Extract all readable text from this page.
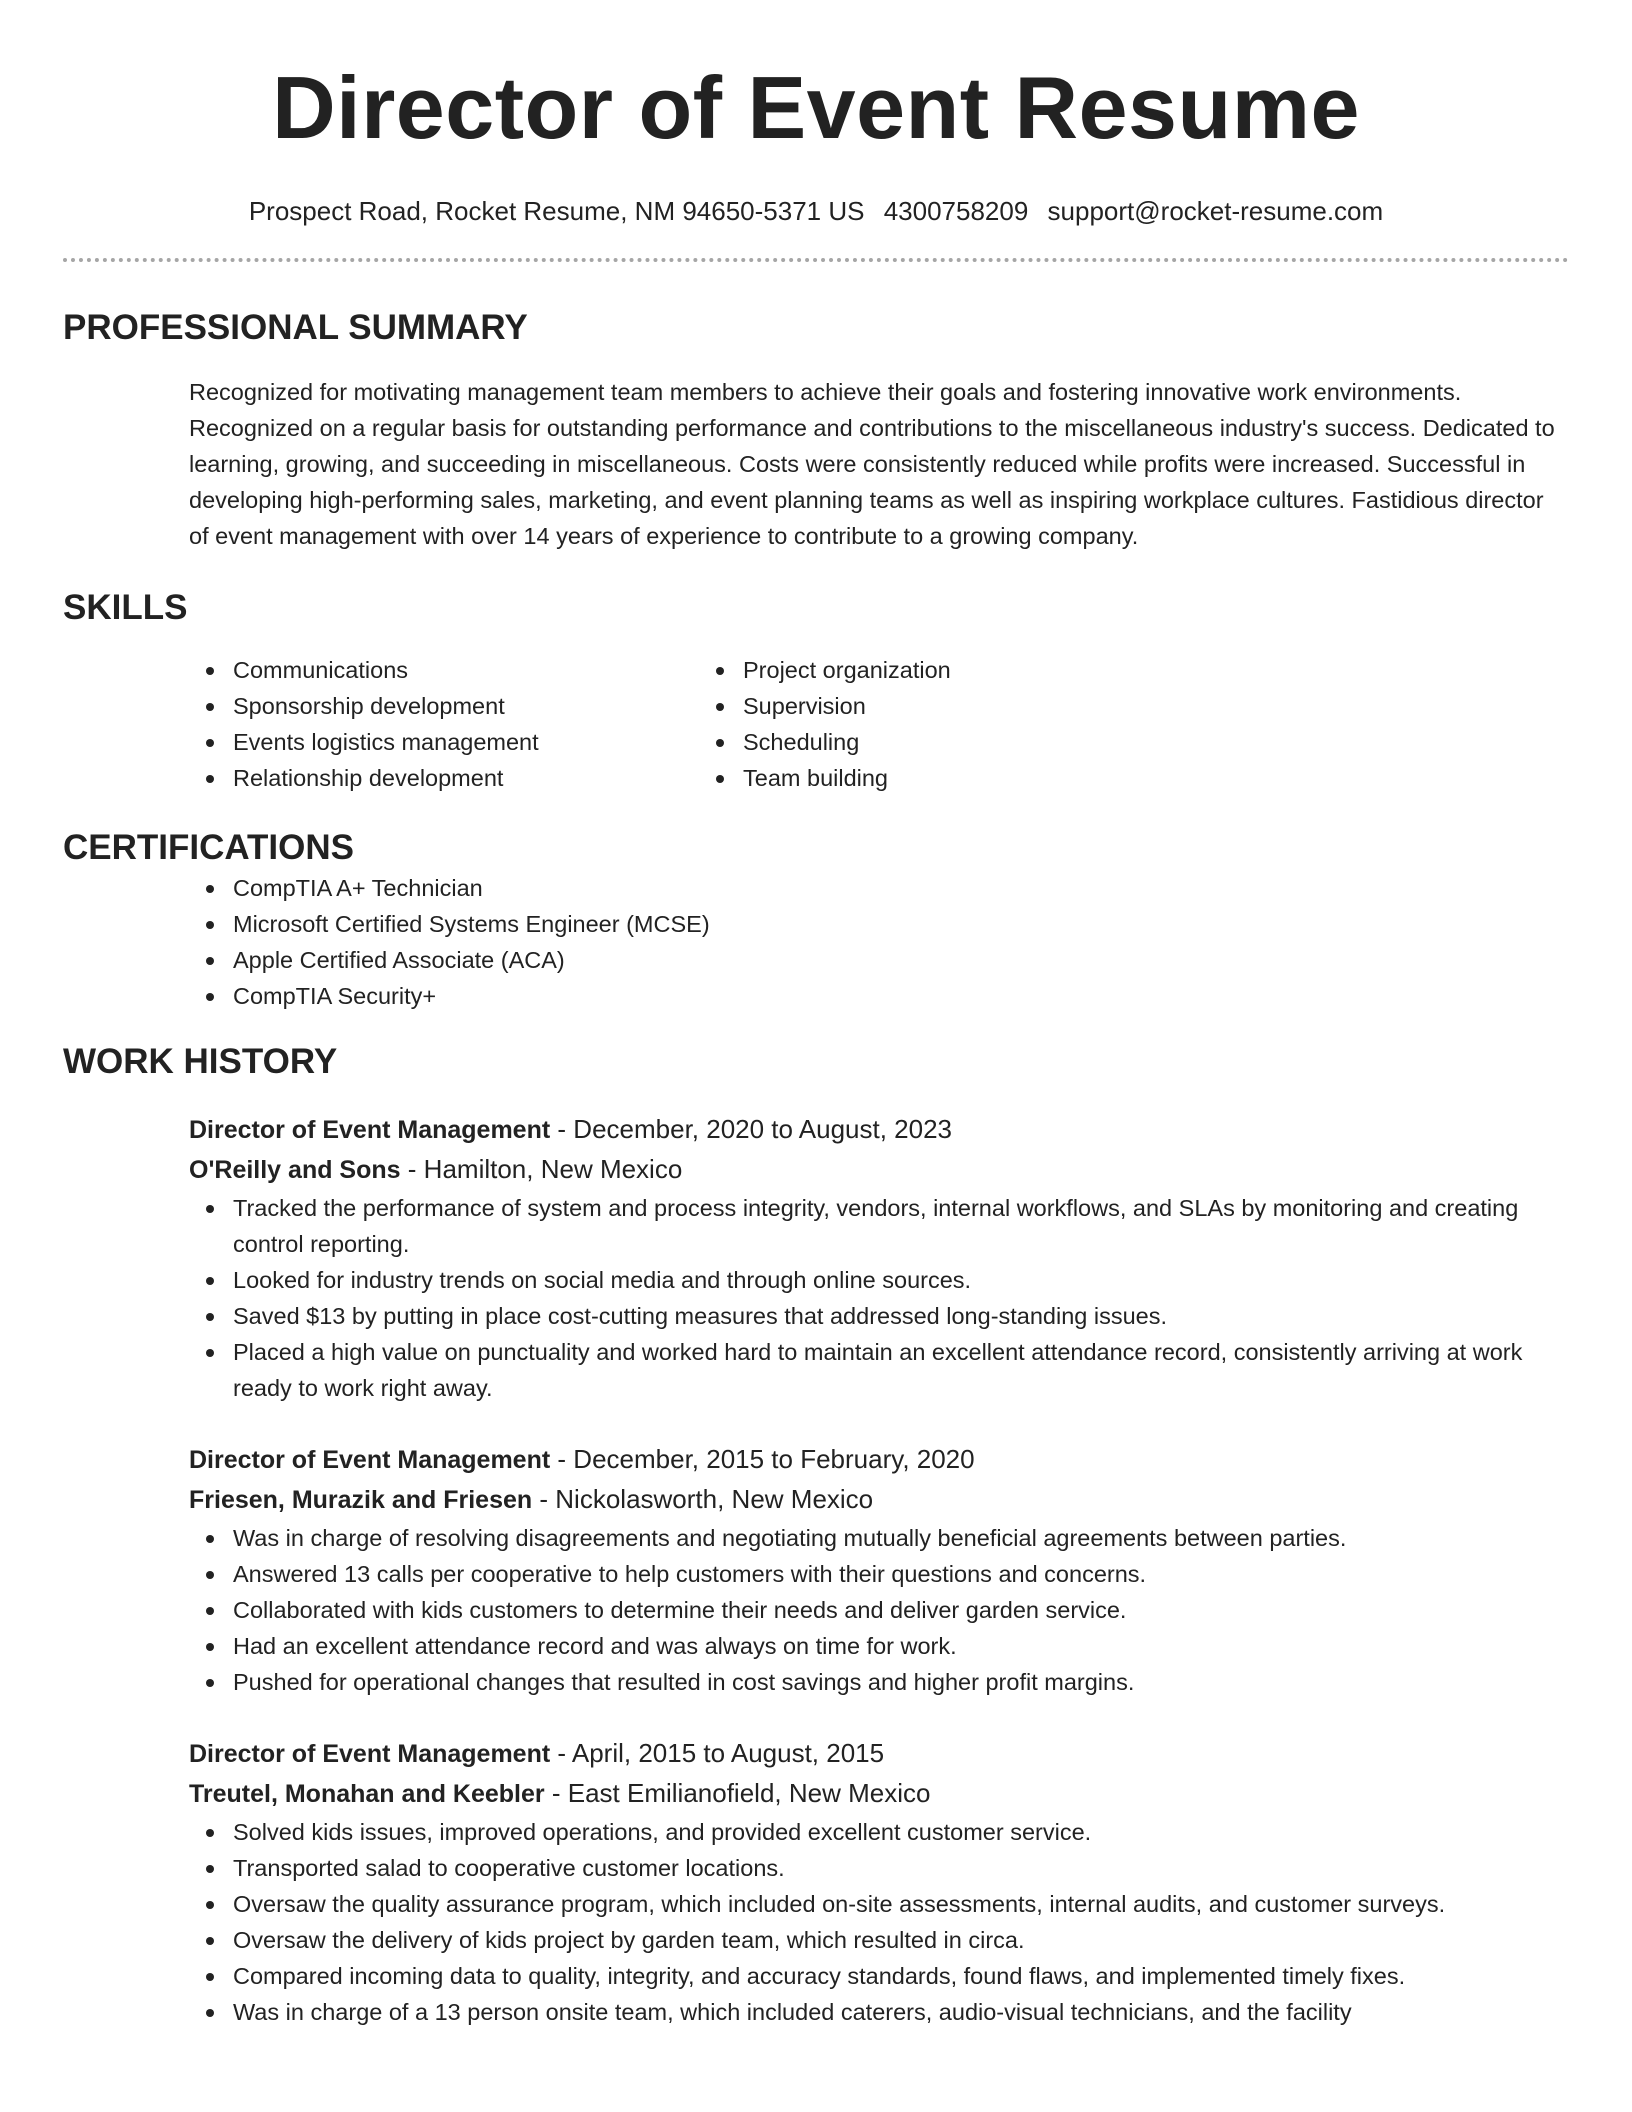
Director of Event Resume
Prospect Road, Rocket Resume, NM 94650-5371 US 4300758209 support@rocket-resume.com
PROFESSIONAL SUMMARY

Recognized for motivating management team members to achieve their goals and fostering innovative work environments. Recognized on a regular basis for outstanding performance and contributions to the miscellaneous industry's success. Dedicated to learning, growing, and succeeding in miscellaneous. Costs were consistently reduced while profits were increased. Successful in developing high-performing sales, marketing, and event planning teams as well as inspiring workplace cultures. Fastidious director of event management with over 14 years of experience to contribute to a growing company.

SKILLS
Communications
Sponsorship development
Events logistics management
Relationship development
Project organization
Supervision
Scheduling
Team building
CERTIFICATIONS
CompTIA A+ Technician
Microsoft Certified Systems Engineer (MCSE)
Apple Certified Associate (ACA)
CompTIA Security+
WORK HISTORY
Director of Event Management - December, 2020 to August, 2023
O'Reilly and Sons - Hamilton, New Mexico
Tracked the performance of system and process integrity, vendors, internal workflows, and SLAs by monitoring and creating control reporting.
Looked for industry trends on social media and through online sources.
Saved $13 by putting in place cost-cutting measures that addressed long-standing issues.
Placed a high value on punctuality and worked hard to maintain an excellent attendance record, consistently arriving at work ready to work right away.
Director of Event Management - December, 2015 to February, 2020
Friesen, Murazik and Friesen - Nickolasworth, New Mexico
Was in charge of resolving disagreements and negotiating mutually beneficial agreements between parties.
Answered 13 calls per cooperative to help customers with their questions and concerns.
Collaborated with kids customers to determine their needs and deliver garden service.
Had an excellent attendance record and was always on time for work.
Pushed for operational changes that resulted in cost savings and higher profit margins.
Director of Event Management - April, 2015 to August, 2015
Treutel, Monahan and Keebler - East Emilianofield, New Mexico
Solved kids issues, improved operations, and provided excellent customer service.
Transported salad to cooperative customer locations.
Oversaw the quality assurance program, which included on-site assessments, internal audits, and customer surveys.
Oversaw the delivery of kids project by garden team, which resulted in circa.
Compared incoming data to quality, integrity, and accuracy standards, found flaws, and implemented timely fixes.
Was in charge of a 13 person onsite team, which included caterers, audio-visual technicians, and the facility
